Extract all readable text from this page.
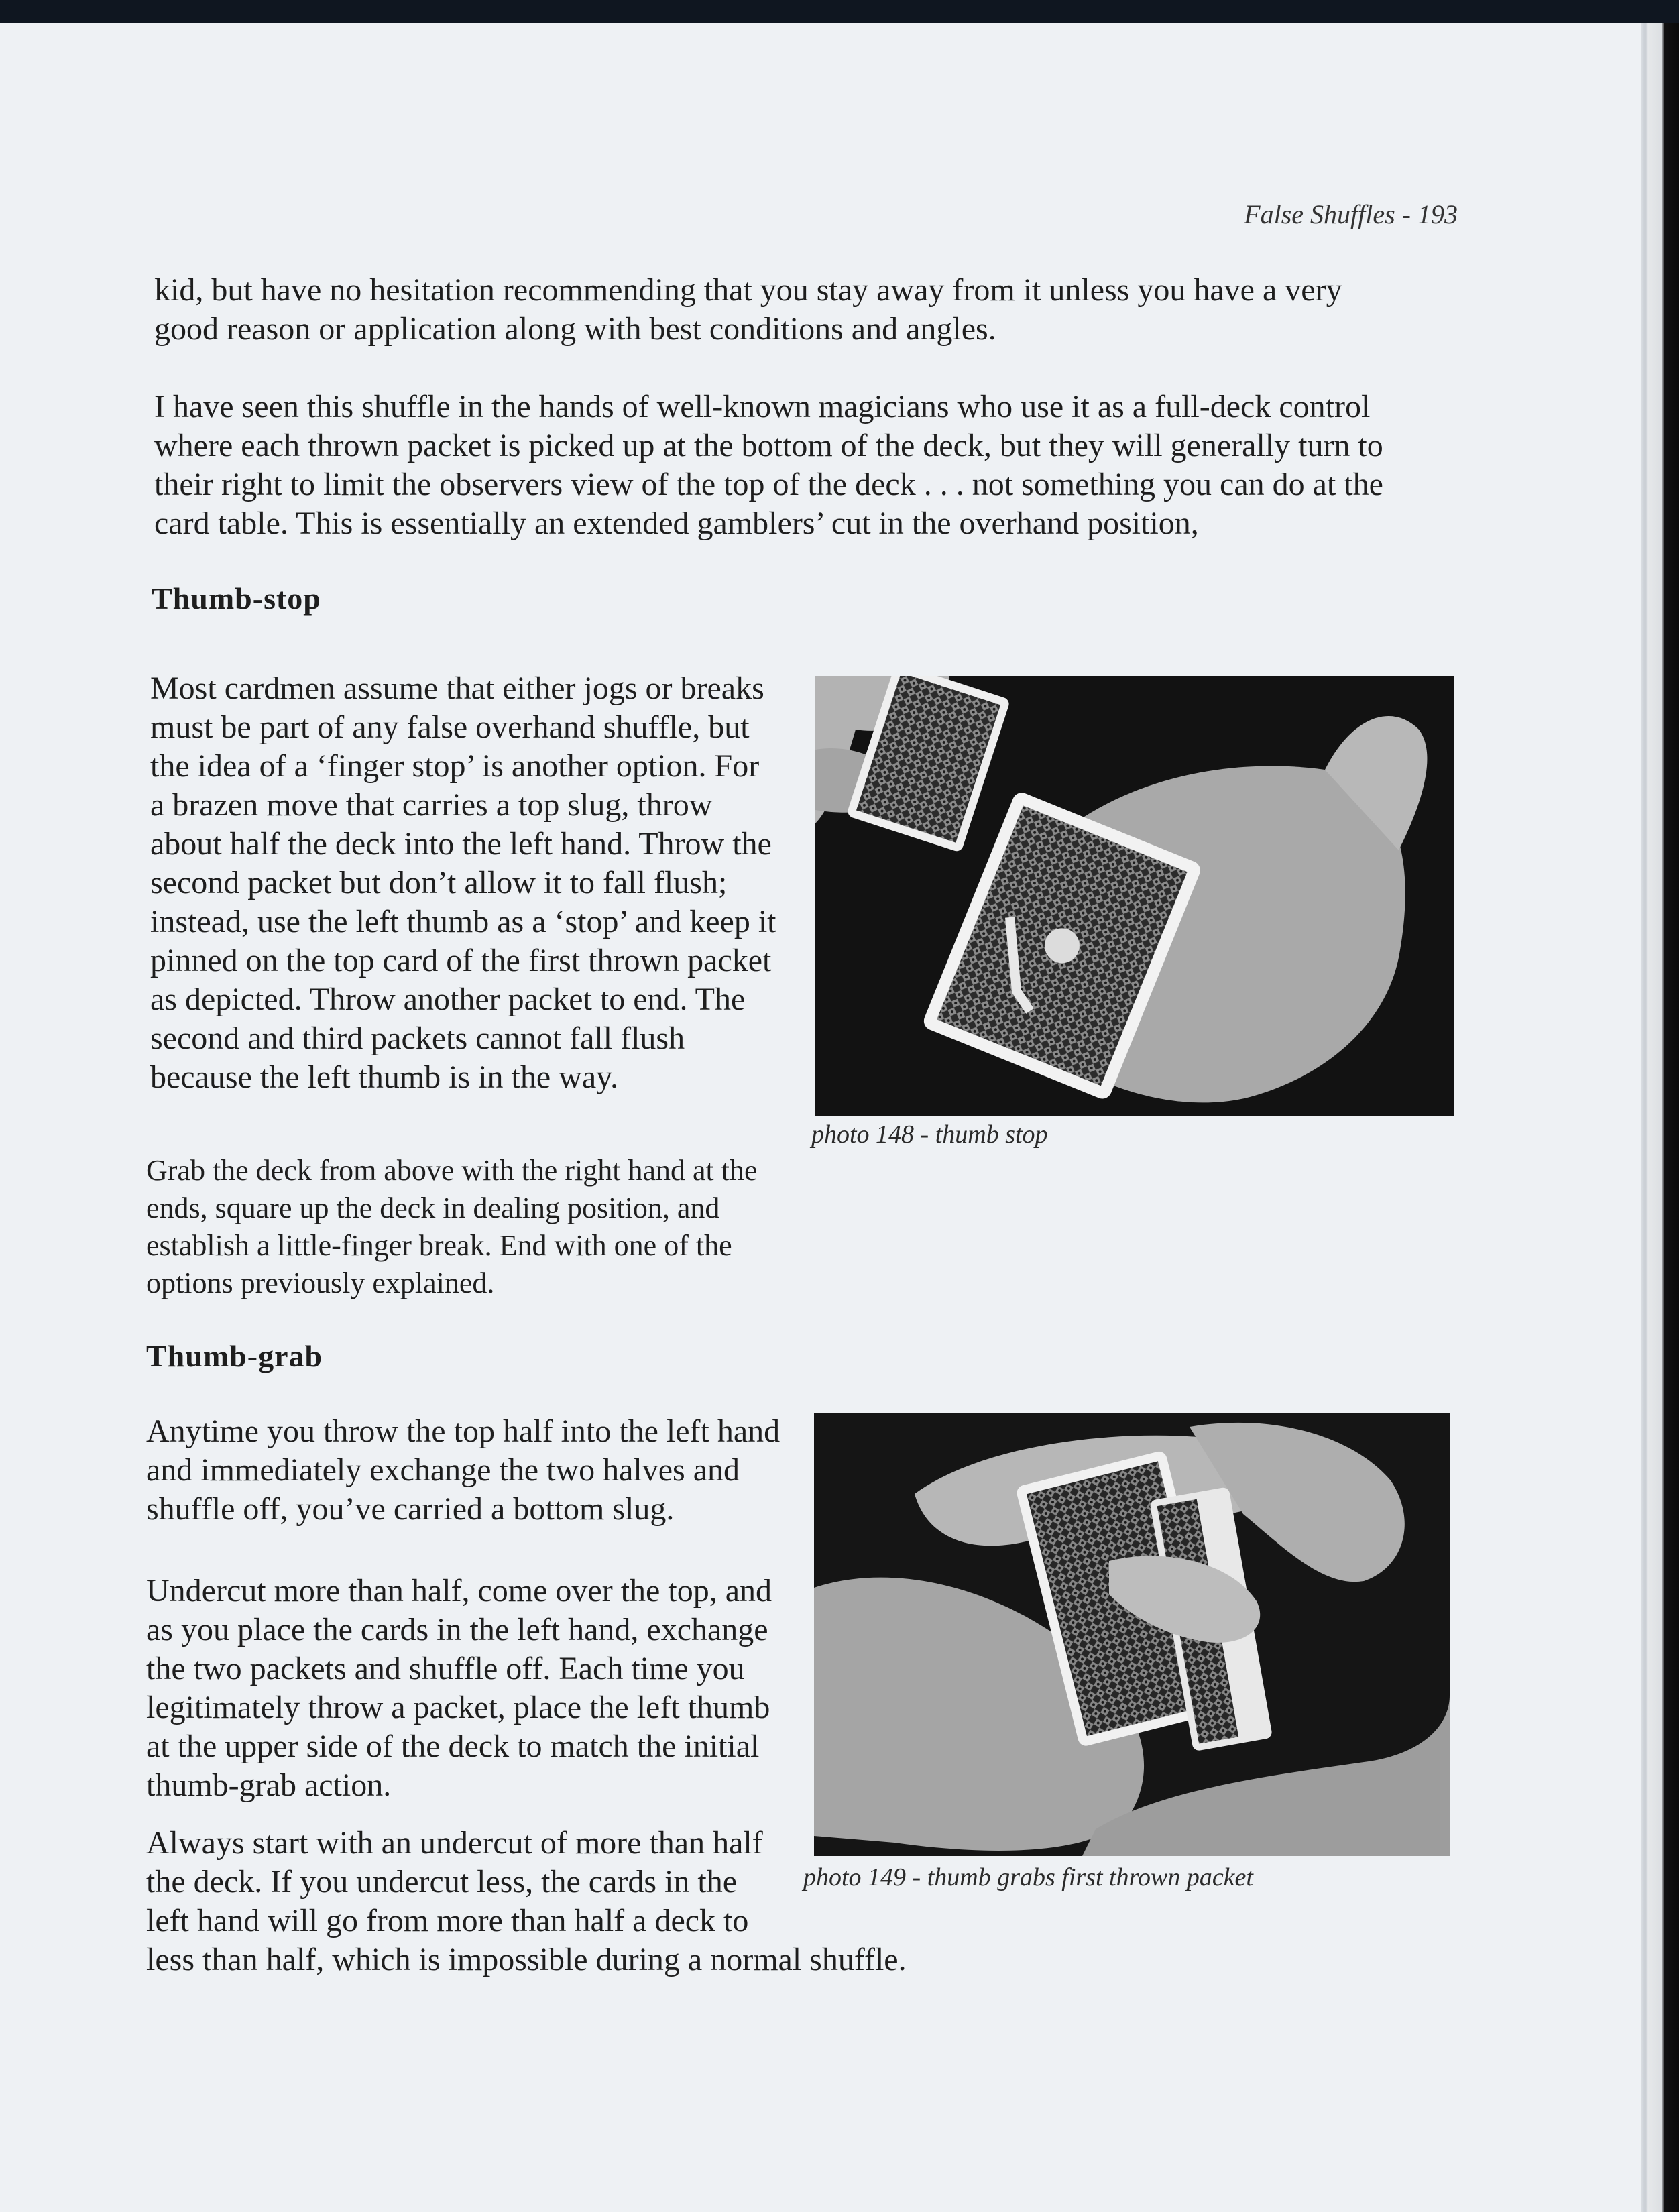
False Shuffles - 193

kid, but have no hesitation recommending that you stay away from it unless you have a very
good reason or application along with best conditions and angles.

I have seen this shuffle in the hands of well-known magicians who use it as a full-deck control
where each thrown packet is picked up at the bottom of the deck, but they will generally turn to
their right to limit the observers view of the top of the deck . . . not something you can do at the
card table. This is essentially an extended gamblers’ cut in the overhand position,

Thumb-stop

Most cardmen assume that either jogs or breaks
must be part of any false overhand shuffle, but
the idea of a ‘finger stop’ is another option. For
a brazen move that carries a top slug, throw
about half the deck into the left hand. Throw the
second packet but don’t allow it to fall flush;
instead, use the left thumb as a ‘stop’ and keep it
pinned on the top card of the first thrown packet
as depicted. Throw another packet to end. The
second and third packets cannot fall flush
because the left thumb is in the way.

photo 148 - thumb stop

Grab the deck from above with the right hand at the
ends, square up the deck in dealing position, and
establish a little-finger break. End with one of the
options previously explained.

Thumb-grab

Anytime you throw the top half into the left hand
and immediately exchange the two halves and
shuffle off, you’ve carried a bottom slug.

Undercut more than half, come over the top, and
as you place the cards in the left hand, exchange
the two packets and shuffle off. Each time you
legitimately throw a packet, place the left thumb
at the upper side of the deck to match the initial
thumb-grab action.

photo 149 - thumb grabs first thrown packet

Always start with an undercut of more than half
the deck. If you undercut less, the cards in the
left hand will go from more than half a deck to
less than half, which is impossible during a normal shuffle.
